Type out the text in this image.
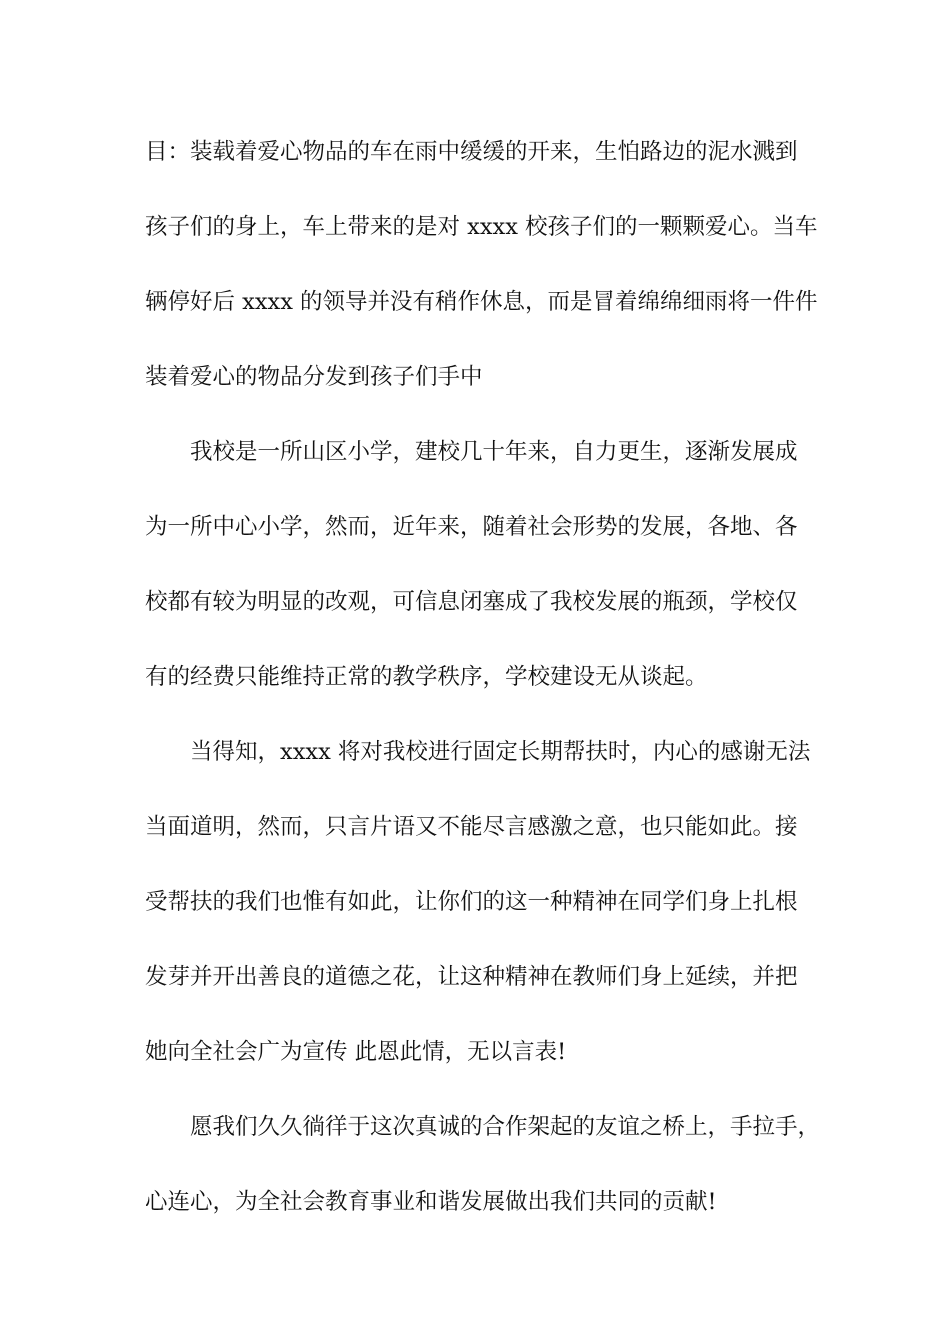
目：装载着爱心物品的车在雨中缓缓的开来，生怕路边的泥水溅到

孩子们的身上，车上带来的是对 xxxx 校孩子们的一颗颗爱心。当车

辆停好后 xxxx 的领导并没有稍作休息，而是冒着绵绵细雨将一件件

装着爱心的物品分发到孩子们手中

我校是一所山区小学，建校几十年来，自力更生，逐渐发展成

为一所中心小学，然而，近年来，随着社会形势的发展，各地、各

校都有较为明显的改观，可信息闭塞成了我校发展的瓶颈，学校仅

有的经费只能维持正常的教学秩序，学校建设无从谈起。

当得知，xxxx 将对我校进行固定长期帮扶时，内心的感谢无法

当面道明，然而，只言片语又不能尽言感激之意，也只能如此。接

受帮扶的我们也惟有如此，让你们的这一种精神在同学们身上扎根

发芽并开出善良的道德之花，让这种精神在教师们身上延续，并把

她向全社会广为宣传 此恩此情，无以言表!

愿我们久久徜徉于这次真诚的合作架起的友谊之桥上，手拉手，

心连心，为全社会教育事业和谐发展做出我们共同的贡献!
